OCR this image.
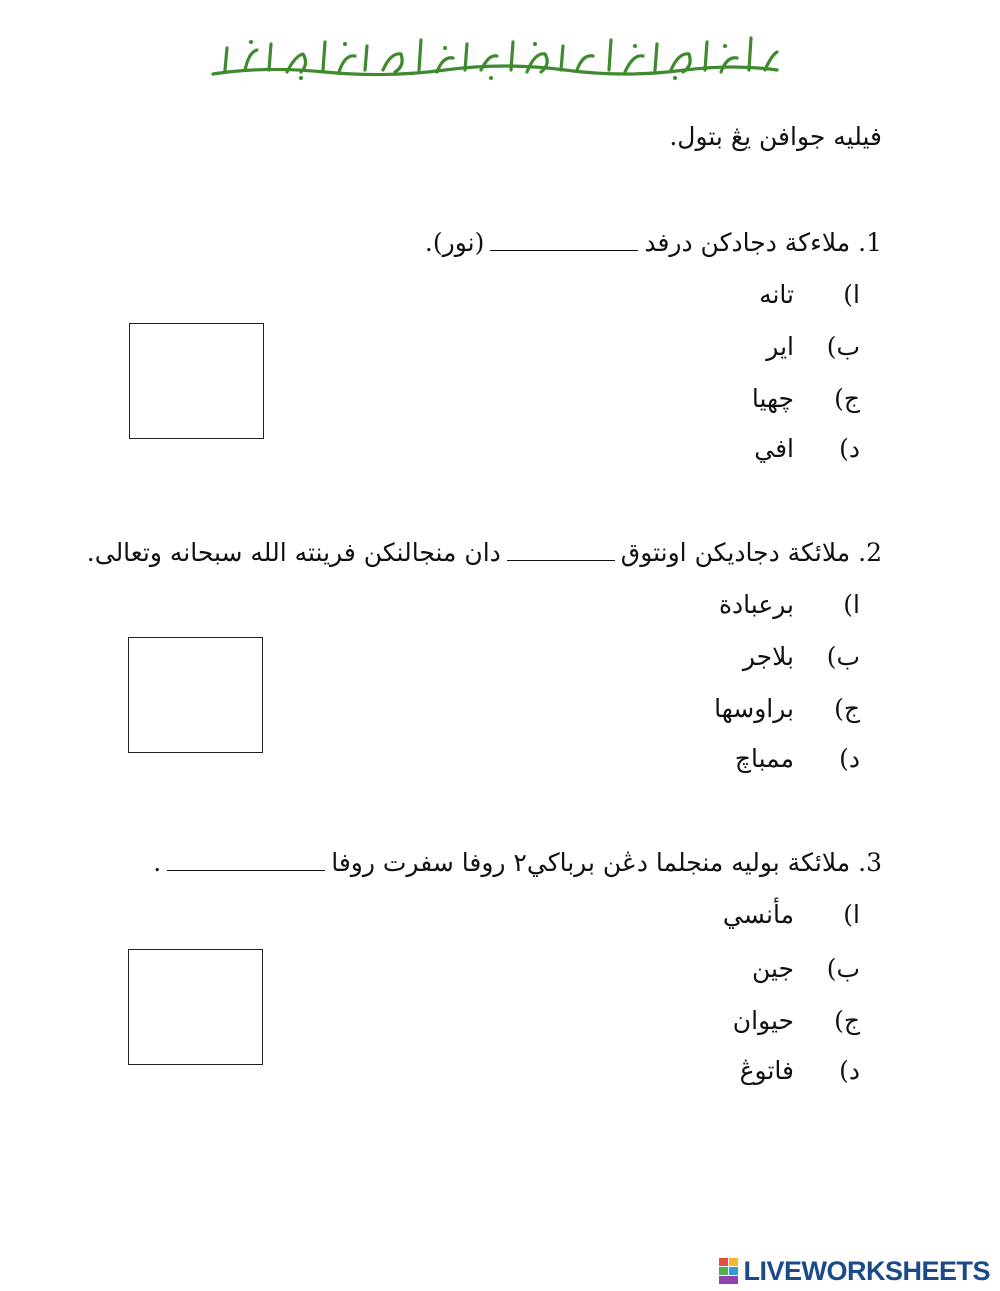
فيليه جوافن يڠ بتول.
1.ملاءکة دجادکن درفد(نور).
ا)
تانه
ب)
اير
ج)
چهيا
د)
افي
2.ملائکة دجاديکن اونتوقدان منجالنکن فرينته الله سبحانه وتعالى.
ا)
برعبادة
ب)
بلاجر
ج)
براوسها
د)
ممباچ
3.ملائکة بوليه منجلما دڠن برباکي٢ روفا سفرت روفا.
ا)
مأنسي
ب)
جين
ج)
حيوان
د)
فاتوڠ
LIVEWORKSHEETS
